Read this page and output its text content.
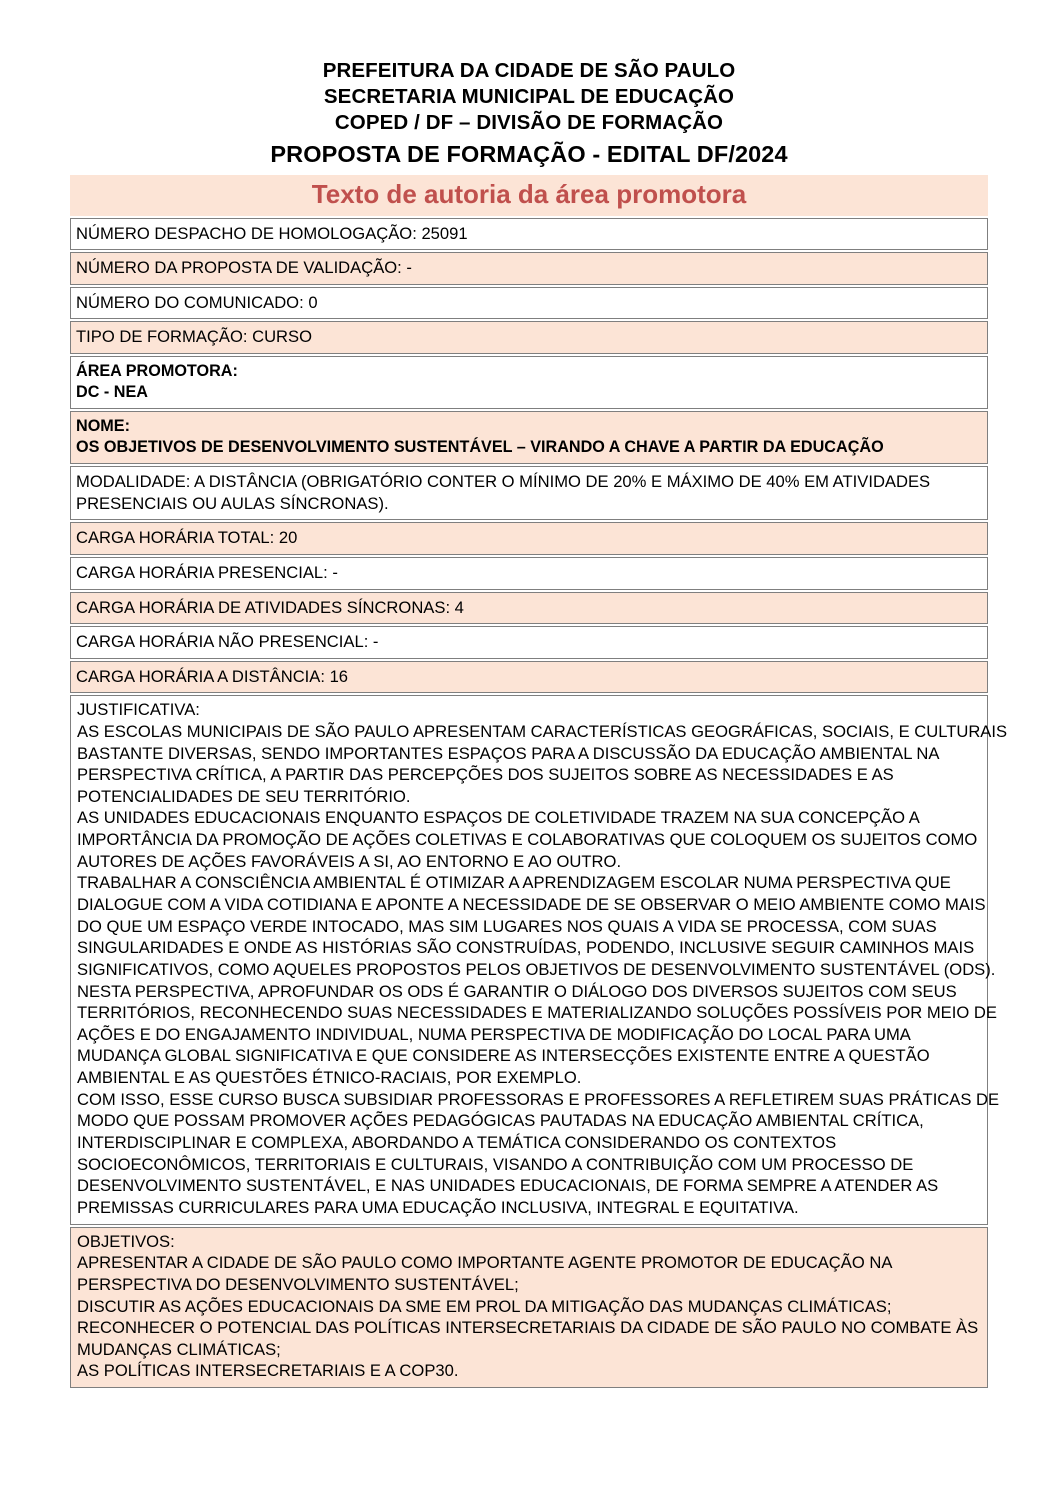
PREFEITURA DA CIDADE DE SÃO PAULO
SECRETARIA MUNICIPAL DE EDUCAÇÃO
COPED / DF – DIVISÃO DE FORMAÇÃO
PROPOSTA DE FORMAÇÃO - EDITAL DF/2024
Texto de autoria da área promotora
NÚMERO DESPACHO DE HOMOLOGAÇÃO: 25091
NÚMERO DA PROPOSTA DE VALIDAÇÃO: -
NÚMERO DO COMUNICADO: 0
TIPO DE FORMAÇÃO: CURSO
ÁREA PROMOTORA:
DC - NEA
NOME:
OS OBJETIVOS DE DESENVOLVIMENTO SUSTENTÁVEL – VIRANDO A CHAVE A PARTIR DA EDUCAÇÃO
MODALIDADE: A DISTÂNCIA (OBRIGATÓRIO CONTER O MÍNIMO DE 20% E MÁXIMO DE 40% EM ATIVIDADES
PRESENCIAIS OU AULAS SÍNCRONAS).
CARGA HORÁRIA TOTAL: 20
CARGA HORÁRIA PRESENCIAL: -
CARGA HORÁRIA DE ATIVIDADES SÍNCRONAS: 4
CARGA HORÁRIA NÃO PRESENCIAL: -
CARGA HORÁRIA A DISTÂNCIA: 16
JUSTIFICATIVA:
AS ESCOLAS MUNICIPAIS DE SÃO PAULO APRESENTAM CARACTERÍSTICAS GEOGRÁFICAS, SOCIAIS, E CULTURAIS
BASTANTE DIVERSAS, SENDO IMPORTANTES ESPAÇOS PARA A DISCUSSÃO DA EDUCAÇÃO AMBIENTAL NA
PERSPECTIVA CRÍTICA, A PARTIR DAS PERCEPÇÕES DOS SUJEITOS SOBRE AS NECESSIDADES E AS
POTENCIALIDADES DE SEU TERRITÓRIO.
AS UNIDADES EDUCACIONAIS ENQUANTO ESPAÇOS DE COLETIVIDADE TRAZEM NA SUA CONCEPÇÃO A
IMPORTÂNCIA DA PROMOÇÃO DE AÇÕES COLETIVAS E COLABORATIVAS QUE COLOQUEM OS SUJEITOS COMO
AUTORES DE AÇÕES FAVORÁVEIS A SI, AO ENTORNO E AO OUTRO.
TRABALHAR A CONSCIÊNCIA AMBIENTAL É OTIMIZAR A APRENDIZAGEM ESCOLAR NUMA PERSPECTIVA QUE
DIALOGUE COM A VIDA COTIDIANA E APONTE A NECESSIDADE DE SE OBSERVAR O MEIO AMBIENTE COMO MAIS
DO QUE UM ESPAÇO VERDE INTOCADO, MAS SIM LUGARES NOS QUAIS A VIDA SE PROCESSA, COM SUAS
SINGULARIDADES E ONDE AS HISTÓRIAS SÃO CONSTRUÍDAS, PODENDO, INCLUSIVE SEGUIR CAMINHOS MAIS
SIGNIFICATIVOS, COMO AQUELES PROPOSTOS PELOS OBJETIVOS DE DESENVOLVIMENTO SUSTENTÁVEL (ODS).
NESTA PERSPECTIVA, APROFUNDAR OS ODS É GARANTIR O DIÁLOGO DOS DIVERSOS SUJEITOS COM SEUS
TERRITÓRIOS, RECONHECENDO SUAS NECESSIDADES E MATERIALIZANDO SOLUÇÕES POSSÍVEIS POR MEIO DE
AÇÕES E DO ENGAJAMENTO INDIVIDUAL, NUMA PERSPECTIVA DE MODIFICAÇÃO DO LOCAL PARA UMA
MUDANÇA GLOBAL SIGNIFICATIVA E QUE CONSIDERE AS INTERSECÇÕES EXISTENTE ENTRE A QUESTÃO
AMBIENTAL E AS QUESTÕES ÉTNICO-RACIAIS, POR EXEMPLO.
COM ISSO, ESSE CURSO BUSCA SUBSIDIAR PROFESSORAS E PROFESSORES A REFLETIREM SUAS PRÁTICAS DE
MODO QUE POSSAM PROMOVER AÇÕES PEDAGÓGICAS PAUTADAS NA EDUCAÇÃO AMBIENTAL CRÍTICA,
INTERDISCIPLINAR E COMPLEXA, ABORDANDO A TEMÁTICA CONSIDERANDO OS CONTEXTOS
SOCIOECONÔMICOS, TERRITORIAIS E CULTURAIS, VISANDO A CONTRIBUIÇÃO COM UM PROCESSO DE
DESENVOLVIMENTO SUSTENTÁVEL, E NAS UNIDADES EDUCACIONAIS, DE FORMA SEMPRE A ATENDER AS
PREMISSAS CURRICULARES PARA UMA EDUCAÇÃO INCLUSIVA, INTEGRAL E EQUITATIVA.
OBJETIVOS:
APRESENTAR A CIDADE DE SÃO PAULO COMO IMPORTANTE AGENTE PROMOTOR DE EDUCAÇÃO NA
PERSPECTIVA DO DESENVOLVIMENTO SUSTENTÁVEL;
DISCUTIR AS AÇÕES EDUCACIONAIS DA SME EM PROL DA MITIGAÇÃO DAS MUDANÇAS CLIMÁTICAS;
RECONHECER O POTENCIAL DAS POLÍTICAS INTERSECRETARIAIS DA CIDADE DE SÃO PAULO NO COMBATE ÀS
MUDANÇAS CLIMÁTICAS;
AS POLÍTICAS INTERSECRETARIAIS E A COP30.
